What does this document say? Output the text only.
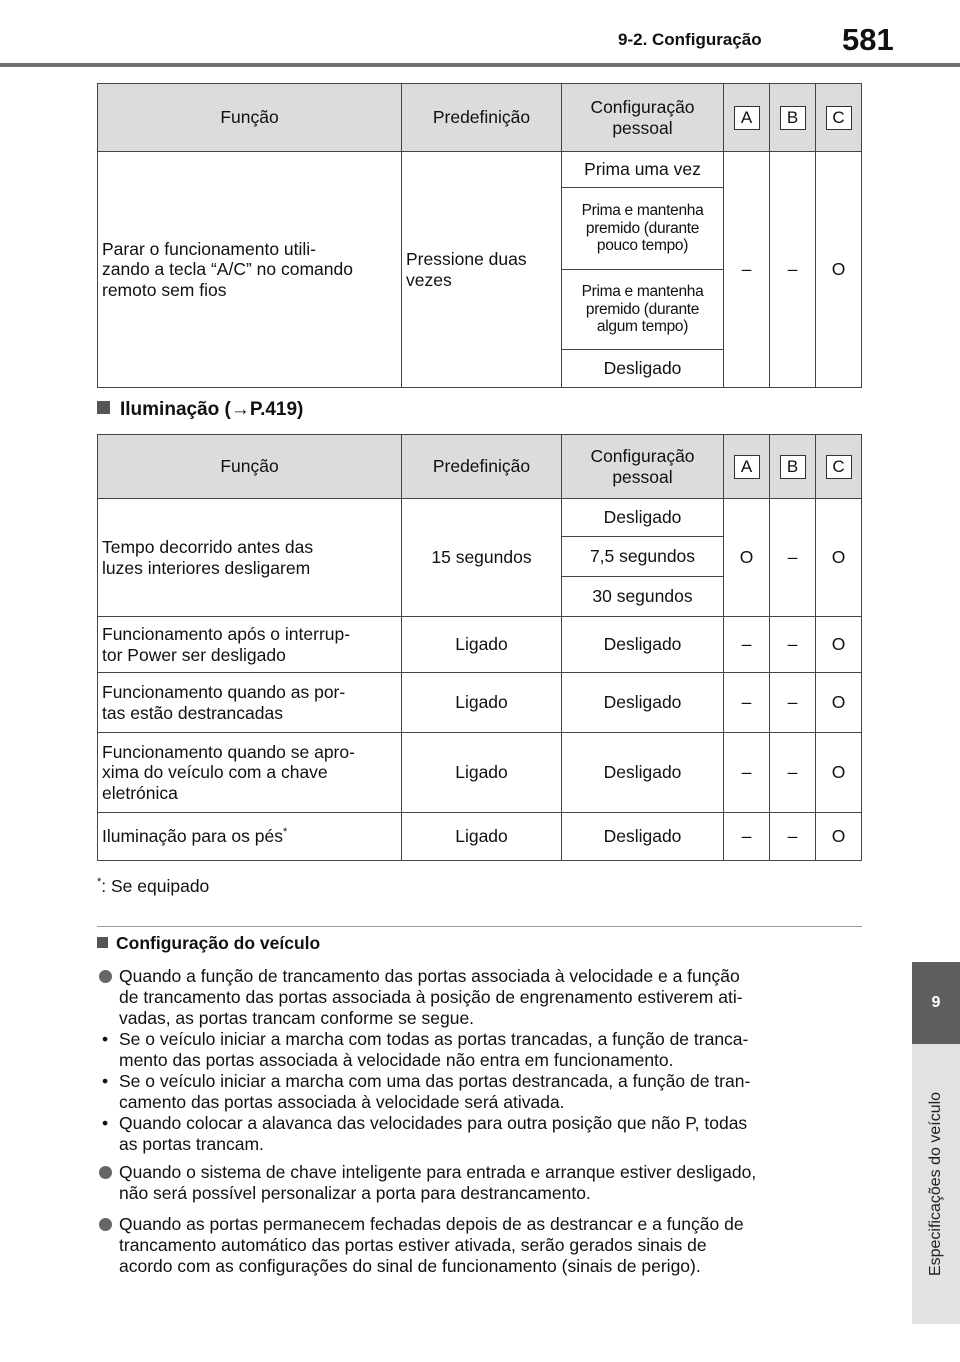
9-2. Configuração	581
9
Especificações do veículo
Função	Predefinição	Configuração
pessoal	A	B	C
Parar o funcionamento utili-
zando a tecla “A/C” no comando
remoto sem fios	Pressione duas
vezes	Prima uma vez	–	–	O
		Prima e mantenha
premido (durante
pouco tempo)			
		Prima e mantenha
premido (durante
algum tempo)			
		Desligado			
Iluminação (→P.419)
Função	Predefinição	Configuração
pessoal	A	B	C
Tempo decorrido antes das
luzes interiores desligarem	15 segundos	Desligado	O	–	O
		7,5 segundos			
		30 segundos			
Funcionamento após o interrup-
tor Power ser desligado	Ligado	Desligado	–	–	O
Funcionamento quando as por-
tas estão destrancadas	Ligado	Desligado	–	–	O
Funcionamento quando se apro-
xima do veículo com a chave
eletrónica	Ligado	Desligado	–	–	O
Iluminação para os pés*	Ligado	Desligado	–	–	O
*: Se equipado
Configuração do veículo
Quando a função de trancamento das portas associada à velocidade e a função
de trancamento das portas associada à posição de engrenamento estiverem ati-
vadas, as portas trancam conforme se segue.
• Se o veículo iniciar a marcha com todas as portas trancadas, a função de tranca-
mento das portas associada à velocidade não entra em funcionamento.
• Se o veículo iniciar a marcha com uma das portas destrancada, a função de tran-
camento das portas associada à velocidade será ativada.
• Quando colocar a alavanca das velocidades para outra posição que não P, todas
as portas trancam.
Quando o sistema de chave inteligente para entrada e arranque estiver desligado,
não será possível personalizar a porta para destrancamento.
Quando as portas permanecem fechadas depois de as destrancar e a função de
trancamento automático das portas estiver ativada, serão gerados sinais de
acordo com as configurações do sinal de funcionamento (sinais de perigo).
